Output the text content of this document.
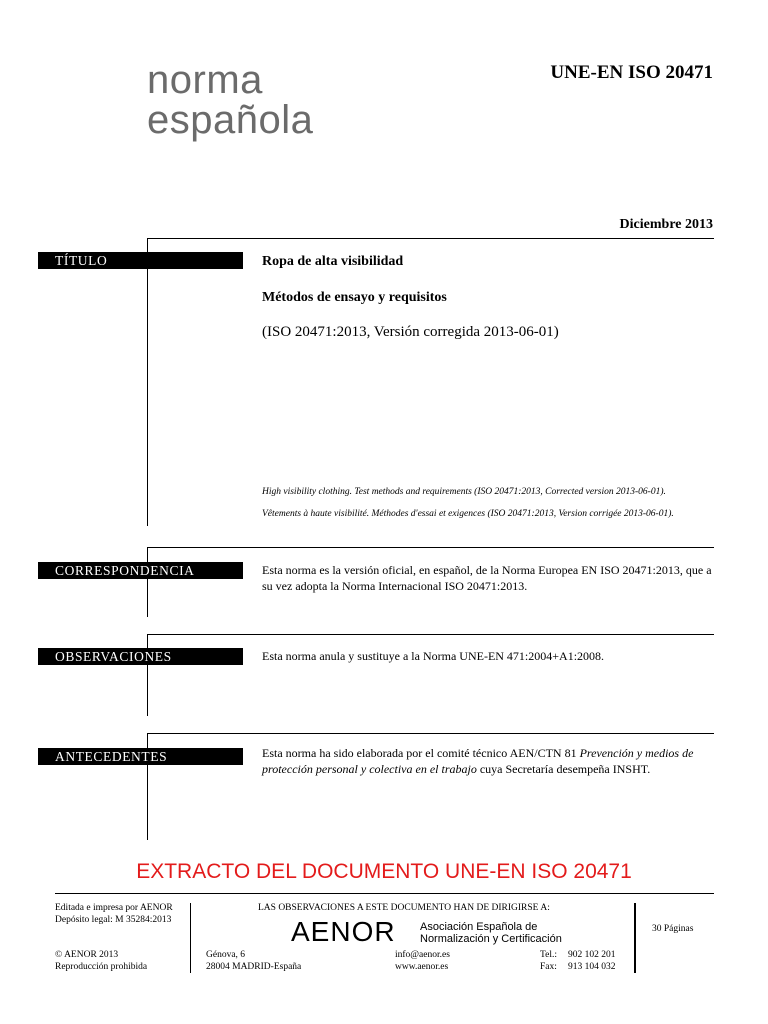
norma
española
UNE-EN ISO 20471
Diciembre 2013
TÍTULO	Ropa de alta visibilidad
Métodos de ensayo y requisitos
(ISO 20471:2013, Versión corregida 2013-06-01)
High visibility clothing. Test methods and requirements (ISO 20471:2013, Corrected version 2013-06-01).
Vêtements à haute visibilité. Méthodes d'essai et exigences (ISO 20471:2013, Version corrigée 2013-06-01).
CORRESPONDENCIA	Esta norma es la versión oficial, en español, de la Norma Europea EN ISO 20471:2013, que a su vez adopta la Norma Internacional ISO 20471:2013.
OBSERVACIONES	Esta norma anula y sustituye a la Norma UNE-EN 471:2004+A1:2008.
ANTECEDENTES	Esta norma ha sido elaborada por el comité técnico AEN/CTN 81 Prevención y medios de protección personal y colectiva en el trabajo cuya Secretaría desempeña INSHT.
EXTRACTO DEL DOCUMENTO UNE-EN ISO 20471
Editada e impresa por AENOR
Depósito legal: M 35284:2013
© AENOR 2013
Reproducción prohibida
LAS OBSERVACIONES A ESTE DOCUMENTO HAN DE DIRIGIRSE A:
AENOR Asociación Española de
Normalización y Certificación
Génova, 6
28004 MADRID-España
info@aenor.es
www.aenor.es
Tel.: 902 102 201
Fax: 913 104 032
30 Páginas
